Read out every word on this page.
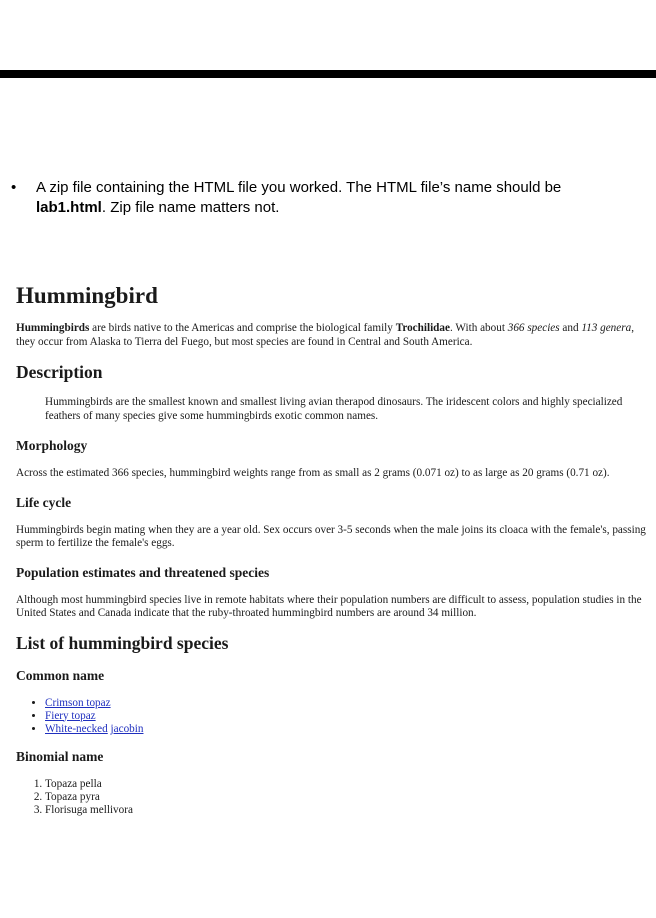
• A zip file containing the HTML file you worked. The HTML file’s name should be
lab1.html. Zip file name matters not.
Hummingbird

Hummingbirds are birds native to the Americas and comprise the biological family Trochilidae. With about 366 species and 113 genera, they occur from Alaska to Tierra del Fuego, but most species are found in Central and South America.

Description
Hummingbirds are the smallest known and smallest living avian therapod dinosaurs. The iridescent colors and highly specialized feathers of many species give some hummingbirds exotic common names.
Morphology

Across the estimated 366 species, hummingbird weights range from as small as 2 grams (0.071 oz) to as large as 20 grams (0.71 oz).

Life cycle

Hummingbirds begin mating when they are a year old. Sex occurs over 3-5 seconds when the male joins its cloaca with the female's, passing sperm to fertilize the female's eggs.

Population estimates and threatened species

Although most hummingbird species live in remote habitats where their population numbers are difficult to assess, population studies in the United States and Canada indicate that the ruby-throated hummingbird numbers are around 34 million.

List of hummingbird species
Common name
• Crimson topaz
• Fiery topaz
• White-necked jacobin
Binomial name
1. Topaza pella
2. Topaza pyra
3. Florisuga mellivora
